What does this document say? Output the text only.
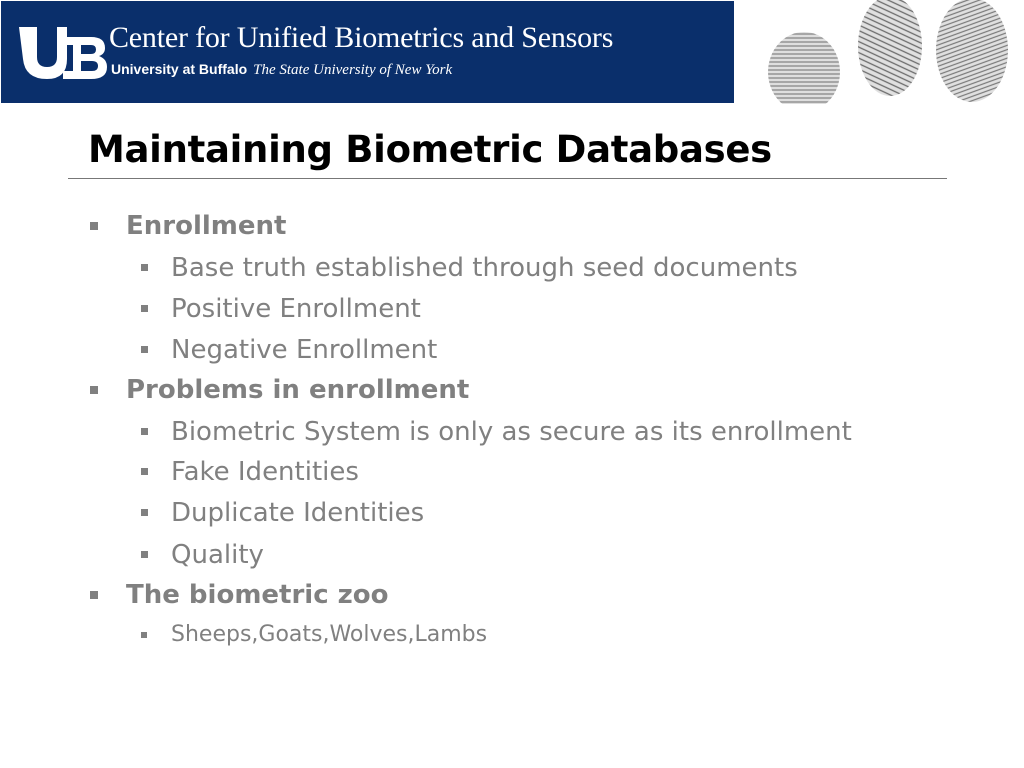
Center for Unified Biometrics and Sensors
University at Buffalo The State University of New York
Maintaining Biometric Databases
Enrollment
Base truth established through seed documents
Positive Enrollment
Negative Enrollment
Problems in enrollment
Biometric System is only as secure as its enrollment
Fake Identities
Duplicate Identities
Quality
The biometric zoo
Sheeps,Goats,Wolves,Lambs
